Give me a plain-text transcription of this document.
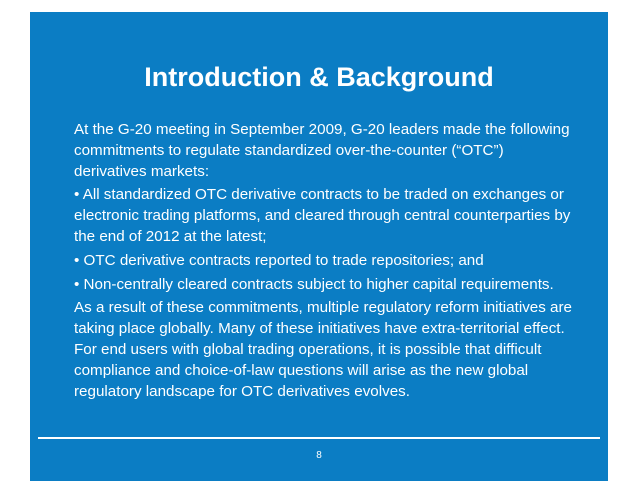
Introduction & Background

At the G-20 meeting in September 2009, G-20 leaders made the following commitments to regulate standardized over-the-counter (“OTC”) derivatives markets:

• All standardized OTC derivative contracts to be traded on exchanges or electronic trading platforms, and cleared through central counterparties by the end of 2012 at the latest;

• OTC derivative contracts reported to trade repositories; and

• Non-centrally cleared contracts subject to higher capital requirements.

As a result of these commitments, multiple regulatory reform initiatives are taking place globally. Many of these initiatives have extra-territorial effect. For end users with global trading operations, it is possible that difficult compliance and choice-of-law questions will arise as the new global regulatory landscape for OTC derivatives evolves.

8
